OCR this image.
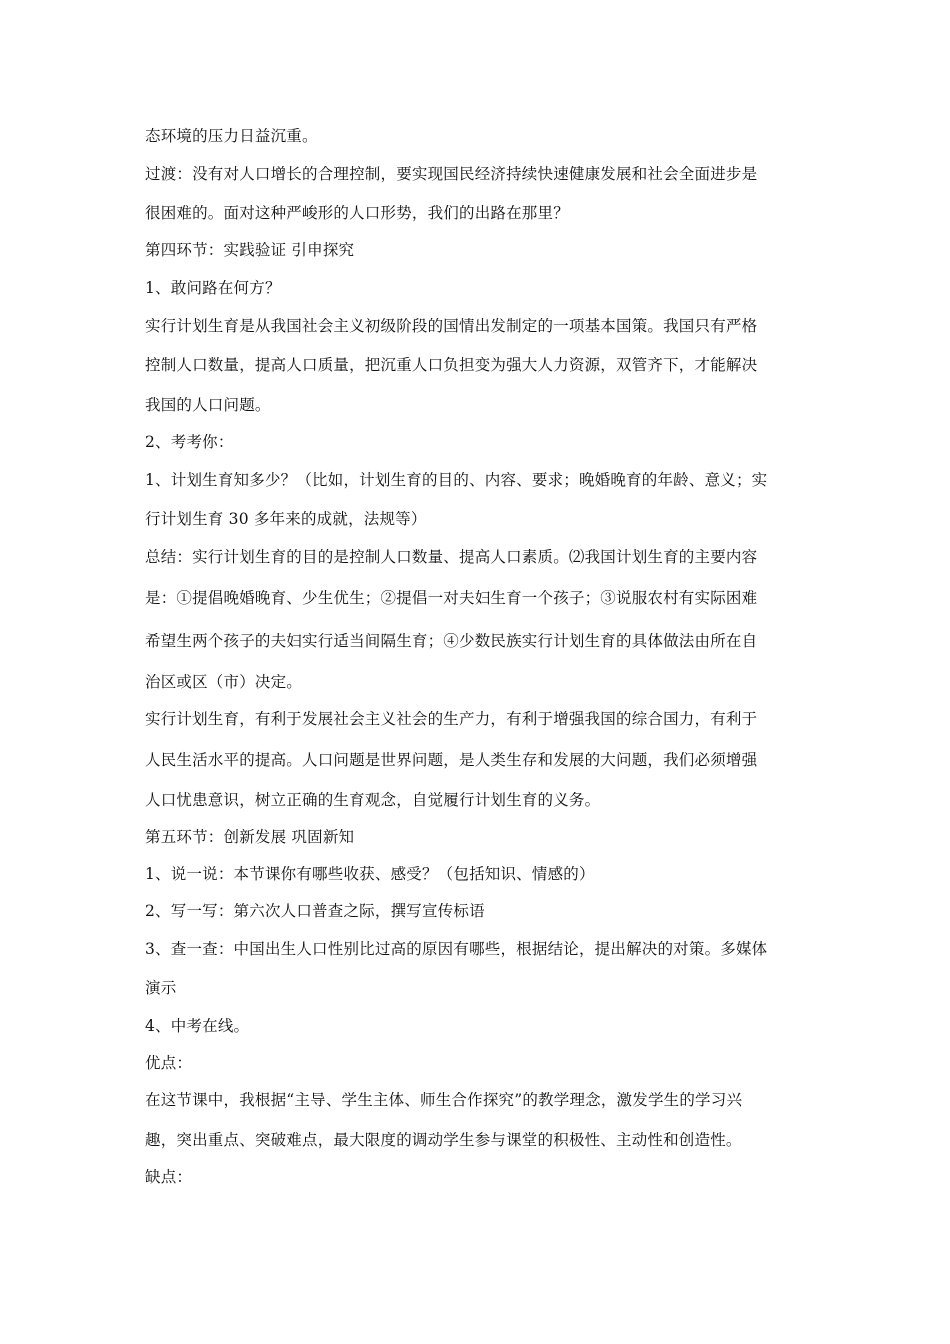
态环境的压力日益沉重。
过渡：没有对人口增长的合理控制，要实现国民经济持续快速健康发展和社会全面进步是
很困难的。面对这种严峻形的人口形势，我们的出路在那里？
第四环节：实践验证 引申探究
1、敢问路在何方？
实行计划生育是从我国社会主义初级阶段的国情出发制定的一项基本国策。我国只有严格
控制人口数量，提高人口质量，把沉重人口负担变为强大人力资源，双管齐下，才能解决
我国的人口问题。
2、考考你：
1、计划生育知多少？（比如，计划生育的目的、内容、要求；晚婚晚育的年龄、意义；实
行计划生育 30 多年来的成就，法规等）
总结：实行计划生育的目的是控制人口数量、提高人口素质。⑵我国计划生育的主要内容
是：①提倡晚婚晚育、少生优生；②提倡一对夫妇生育一个孩子；③说服农村有实际困难
希望生两个孩子的夫妇实行适当间隔生育；④少数民族实行计划生育的具体做法由所在自
治区或区（市）决定。
实行计划生育，有利于发展社会主义社会的生产力，有利于增强我国的综合国力，有利于
人民生活水平的提高。人口问题是世界问题，是人类生存和发展的大问题，我们必须增强
人口忧患意识，树立正确的生育观念，自觉履行计划生育的义务。
第五环节：创新发展 巩固新知
1、说一说：本节课你有哪些收获、感受？（包括知识、情感的）
2、写一写：第六次人口普查之际，撰写宣传标语
3、查一查：中国出生人口性别比过高的原因有哪些，根据结论，提出解决的对策。多媒体
演示
4、中考在线。
优点：
在这节课中，我根据“主导、学生主体、师生合作探究”的教学理念，激发学生的学习兴
趣，突出重点、突破难点，最大限度的调动学生参与课堂的积极性、主动性和创造性。
缺点：
